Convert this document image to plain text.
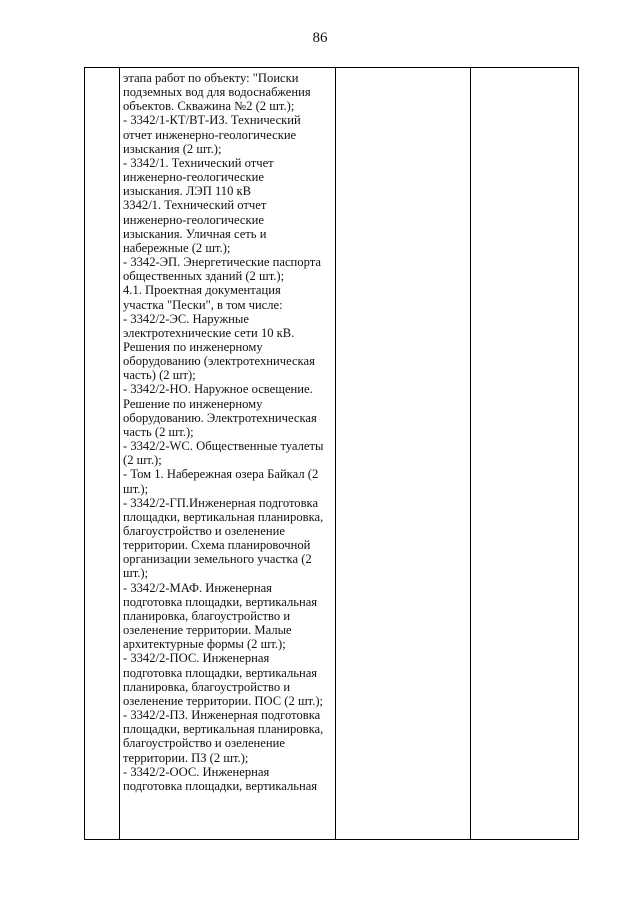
86

этапа работ по объекту: "Поиски
подземных вод для водоснабжения
объектов. Скважина №2 (2 шт.);
- 3342/1-КТ/ВТ-ИЗ. Технический
отчет инженерно-геологические
изыскания (2 шт.);
- 3342/1. Технический отчет
инженерно-геологические
изыскания. ЛЭП 110 кВ
3342/1. Технический отчет
инженерно-геологические
изыскания. Уличная сеть и
набережные (2 шт.);
- 3342-ЭП. Энергетические паспорта
общественных зданий (2 шт.);
4.1. Проектная документация
участка "Пески", в том числе:
- 3342/2-ЭС. Наружные
электротехнические сети 10 кВ.
Решения по инженерному
оборудованию (электротехническая
часть) (2 шт);
- 3342/2-НО. Наружное освещение.
Решение по инженерному
оборудованию. Электротехническая
часть (2 шт.);
- 3342/2-WC. Общественные туалеты
(2 шт.);
- Том 1. Набережная озера Байкал (2
шт.);
- 3342/2-ГП.Инженерная подготовка
площадки, вертикальная планировка,
благоустройство и озеленение
территории. Схема планировочной
организации земельного участка (2
шт.);
- 3342/2-МАФ. Инженерная
подготовка площадки, вертикальная
планировка, благоустройство и
озеленение территории. Малые
архитектурные формы (2 шт.);
- 3342/2-ПОС. Инженерная
подготовка площадки, вертикальная
планировка, благоустройство и
озеленение территории. ПОС (2 шт.);
- 3342/2-ПЗ. Инженерная подготовка
площадки, вертикальная планировка,
благоустройство и озеленение
территории. ПЗ (2 шт.);
- 3342/2-ООС. Инженерная
подготовка площадки, вертикальная
